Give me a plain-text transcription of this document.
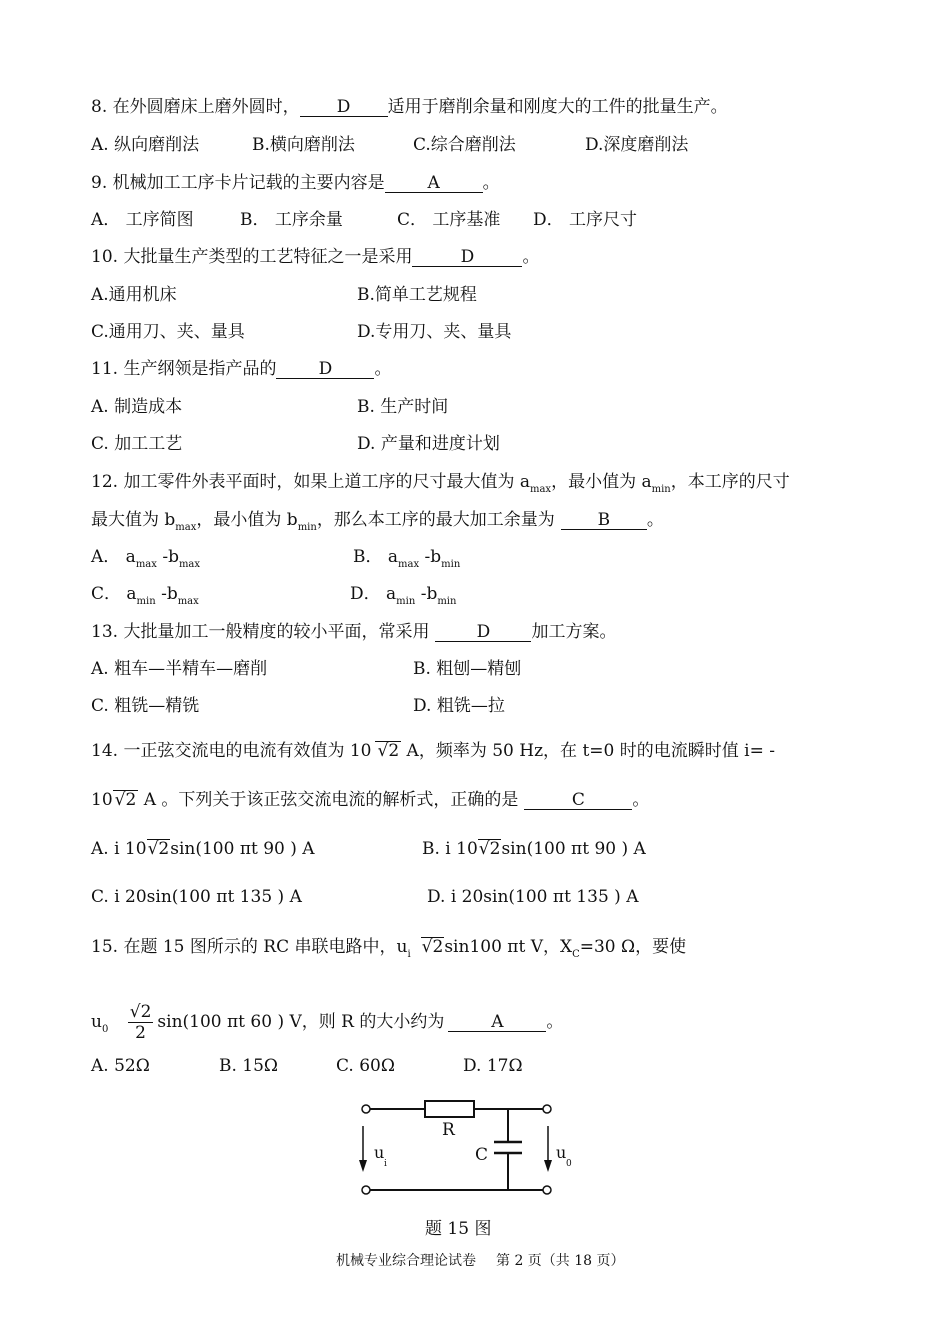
8. 在外圆磨床上磨外圆时， D 适用于磨削余量和刚度大的工件的批量生产。
A. 纵向磨削法	B.横向磨削法	C.综合磨削法	D.深度磨削法
9. 机械加工工序卡片记载的主要内容是	A	。
A． 工序简图	B． 工序余量	C． 工序基准 D． 工序尺寸
10. 大批量生产类型的工艺特征之一是采用	D	。
A.通用机床	B.简单工艺规程
C.通用刀、夹、量具	D.专用刀、夹、量具
11. 生产纲领是指产品的 D 。
A. 制造成本	B. 生产时间
C. 加工工艺	D. 产量和进度计划
12. 加工零件外表平面时，如果上道工序的尺寸最大值为 $a_{max}$，最小值为 $a_{min}$，本工序的尺寸
最大值为 $b_{max}$，最小值为 $b_{min}$，那么本工序的最大加工余量为	B 。
A． $a_{max}$ $-b_{max}$	B． $a_{max}$ $-b_{min}$
C． $a_{min}$ $-b_{max}$	D． $a_{min}$ $-b_{min}$
13. 大批量加工一般精度的较小平面，常采用	D 加工方案。
A. 粗车—半精车—磨削	B. 粗刨—精刨
C. 粗铣—精铣	D. 粗铣—拉
14. 一正弦交流电的电流有效值为 10 √2 A，频率为 50 Hz，在 t=0 时的电流瞬时值 i= -
10 √2 A 。下列关于该正弦交流电流的解析式，正确的是	C	。
A. i 10√2sin(100 πt 90 ) A	B. i 10√2sin(100 πt 90 ) A
C. i 20sin(100 πt 135 ) A	D. i 20sin(100 πt 135 ) A
15. 在题 15 图所示的 RC 串联电路中，$u_i$ √2sin100 πt V，$X_C=30$ Ω，要使
$u_0 \frac{√2}{2} \sin(100$ πt 60 ) V，则 R 的大小约为	A	。
A. 52Ω	B. 15Ω	C. 60Ω	D. 17Ω
R
C
u
i
u
0
题 15 图
机械专业综合理论试卷 第 2 页（共 18 页）
